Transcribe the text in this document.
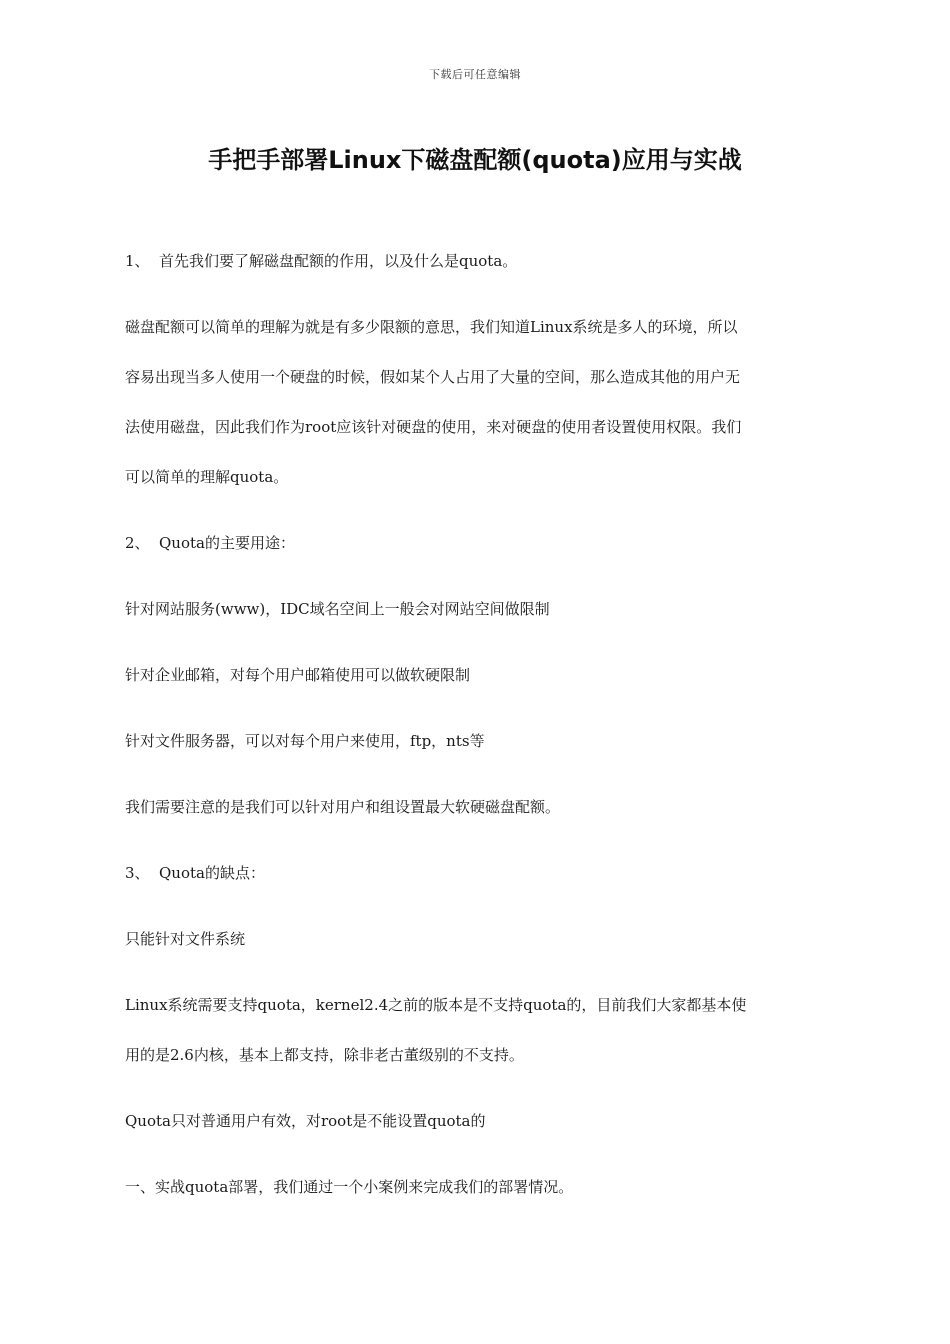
下载后可任意编辑
手把手部署Linux下磁盘配额(quota)应用与实战

1、 首先我们要了解磁盘配额的作用，以及什么是quota。

磁盘配额可以简单的理解为就是有多少限额的意思，我们知道Linux系统是多人的环境，所以

容易出现当多人使用一个硬盘的时候，假如某个人占用了大量的空间，那么造成其他的用户无

法使用磁盘，因此我们作为root应该针对硬盘的使用，来对硬盘的使用者设置使用权限。我们

可以简单的理解quota。

2、 Quota的主要用途：

针对网站服务(www)，IDC域名空间上一般会对网站空间做限制

针对企业邮箱，对每个用户邮箱使用可以做软硬限制

针对文件服务器，可以对每个用户来使用，ftp，nts等

我们需要注意的是我们可以针对用户和组设置最大软硬磁盘配额。

3、 Quota的缺点：

只能针对文件系统

Linux系统需要支持quota，kernel2.4之前的版本是不支持quota的，目前我们大家都基本使

用的是2.6内核，基本上都支持，除非老古董级别的不支持。

Quota只对普通用户有效，对root是不能设置quota的

一、实战quota部署，我们通过一个小案例来完成我们的部署情况。
